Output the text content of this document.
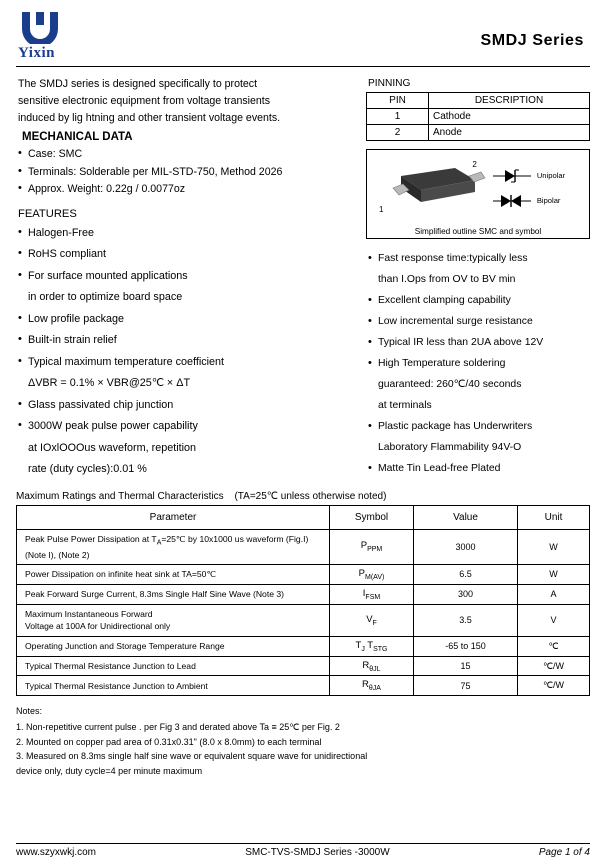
Yixin
SMDJ Series
The SMDJ series is designed specifically to protect
sensitive electronic equipment from voltage transients
induced by lig htning and other transient voltage events.
MECHANICAL DATA
• Case: SMC
• Terminals: Solderable per MIL-STD-750, Method 2026
• Approx. Weight: 0.22g / 0.0077oz
FEATURES
• Halogen-Free
• RoHS compliant
• For surface mounted applications
in order to optimize board space
• Low profile package
• Built-in strain relief
• Typical maximum temperature coefficient
ΔVBR = 0.1% × VBR@25℃ × ΔT
• Glass passivated chip junction
• 3000W peak pulse power capability
at IOxlOOOus waveform, repetition
rate (duty cycles):0.01 %
PINNING
PIN	DESCRIPTION
1	Cathode
2	Anode
1
2
Unipolar
Bipolar
Simplified outline SMC and symbol
• Fast response time:typically less
than I.Ops from OV to BV min
• Excellent clamping capability
• Low incremental surge resistance
• Typical IR less than 2UA above 12V
• High Temperature soldering
guaranteed: 260℃/40 seconds
at terminals
• Plastic package has Underwriters
Laboratory Flammability 94V-O
• Matte Tin Lead-free Plated
Maximum Ratings and Thermal Characteristics (TA=25℃ unless otherwise noted)
Parameter	Symbol	Value	Unit
Peak Pulse Power Dissipation at $T_A=25℃$ by 10x1000 us waveform (Fig.I)(Note I), (Note 2)	$P_{PPM}$	3000	W
Power Dissipation on infinite heat sink at TA=50℃	$P_{M(AV)}$	6.5	W
Peak Forward Surge Current, 8.3ms Single Half Sine Wave (Note 3)	$I_{FSM}$	300	A
Maximum Instantaneous Forward
Voltage at 100A for Unidirectional only	$V_F$	3.5	V
Operating Junction and Storage Temperature Range	$T_J$ $T_{STG}$	-65 to 150	℃
Typical Thermal Resistance Junction to Lead	$R_{\theta JL}$	15	℃/W
Typical Thermal Resistance Junction to Ambient	$R_{\theta JA}$	75	℃/W
Notes:
1. Non-repetitive current pulse . per Fig 3 and derated above Ta ≡ 25℃ per Fig. 2
2. Mounted on copper pad area of 0.31x0.31" (8.0 x 8.0mm) to each terminal
3. Measured on 8.3ms single half sine wave or equivalent square wave for unidirectional
device only, duty cycle=4 per minute maximum
www.szyxwkj.com	SMC-TVS-SMDJ Series -3000W	Page 1 of 4
